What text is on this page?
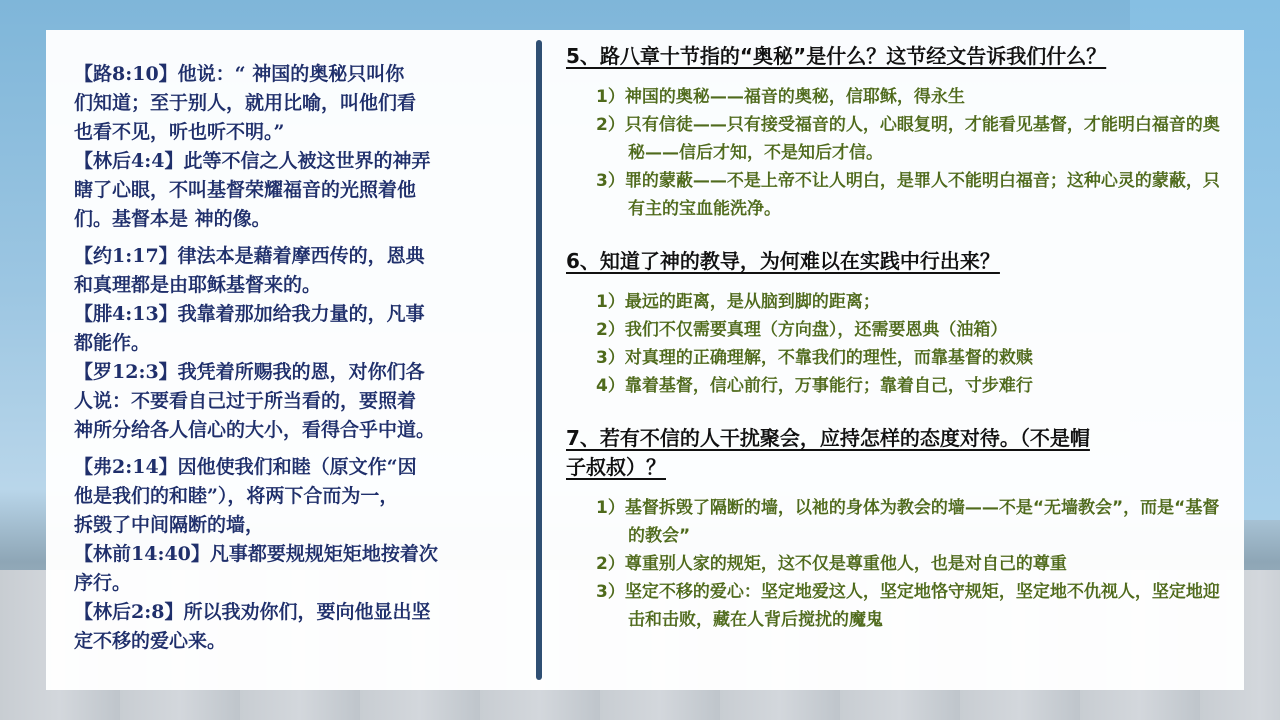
【路8:10】他说：“ 神国的奥秘只叫你

们知道；至于别人，就用比喻，叫他们看

也看不见，听也听不明。”

【林后4:4】此等不信之人被这世界的神弄

瞎了心眼，不叫基督荣耀福音的光照着他

们。基督本是 神的像。

【约1:17】律法本是藉着摩西传的，恩典

和真理都是由耶稣基督来的。

【腓4:13】我靠着那加给我力量的，凡事

都能作。

【罗12:3】我凭着所赐我的恩，对你们各

人说：不要看自己过于所当看的，要照着

神所分给各人信心的大小，看得合乎中道。

【弗2:14】因他使我们和睦（原文作“因

他是我们的和睦”），将两下合而为一，

拆毁了中间隔断的墙，

【林前14:40】凡事都要规规矩矩地按着次

序行。

【林后2:8】所以我劝你们，要向他显出坚

定不移的爱心来。

5、路八章十节指的“奥秘”是什么？这节经文告诉我们什么？

1）神国的奥秘——福音的奥秘，信耶稣，得永生
2）只有信徒——只有接受福音的人，心眼复明，才能看见基督，才能明白福音的奥秘——信后才知，不是知后才信。
3）罪的蒙蔽——不是上帝不让人明白，是罪人不能明白福音；这种心灵的蒙蔽，只有主的宝血能洗净。

6、知道了神的教导，为何难以在实践中行出来？

1）最远的距离，是从脑到脚的距离；
2）我们不仅需要真理（方向盘），还需要恩典（油箱）
3）对真理的正确理解，不靠我们的理性，而靠基督的救赎
4）靠着基督，信心前行，万事能行；靠着自己，寸步难行

7、若有不信的人干扰聚会，应持怎样的态度对待。（不是帽

子叔叔）？

1）基督拆毁了隔断的墙，以祂的身体为教会的墙——不是“无墙教会”，而是“基督的教会”
2）尊重别人家的规矩，这不仅是尊重他人，也是对自己的尊重
3）坚定不移的爱心：坚定地爱这人，坚定地恪守规矩，坚定地不仇视人，坚定地迎击和击败，藏在人背后搅扰的魔鬼
